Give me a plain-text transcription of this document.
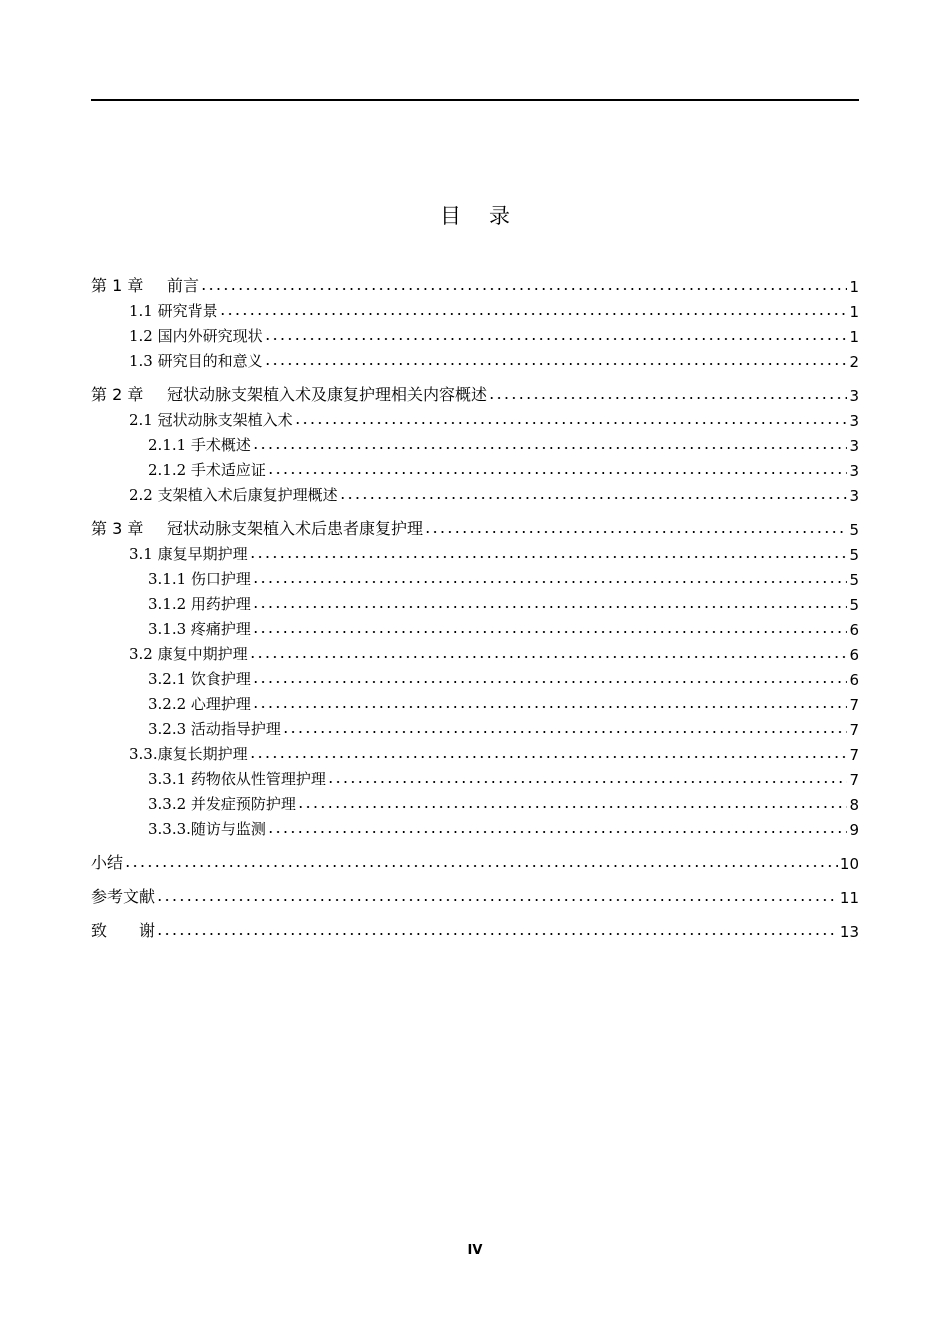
目 录
第 1 章 前言	1
1.1 研究背景	1
1.2 国内外研究现状	1
1.3 研究目的和意义	2
第 2 章 冠状动脉支架植入术及康复护理相关内容概述	3
2.1 冠状动脉支架植入术	3
2.1.1 手术概述	3
2.1.2 手术适应证	3
2.2 支架植入术后康复护理概述	3
第 3 章 冠状动脉支架植入术后患者康复护理	5
3.1 康复早期护理	5
3.1.1 伤口护理	5
3.1.2 用药护理	5
3.1.3 疼痛护理	6
3.2 康复中期护理	6
3.2.1 饮食护理	6
3.2.2 心理护理	7
3.2.3 活动指导护理	7
3.3.康复长期护理	7
3.3.1 药物依从性管理护理	7
3.3.2 并发症预防护理	8
3.3.3.随访与监测	9
小结	10
参考文献	11
致　　谢	13
IV
